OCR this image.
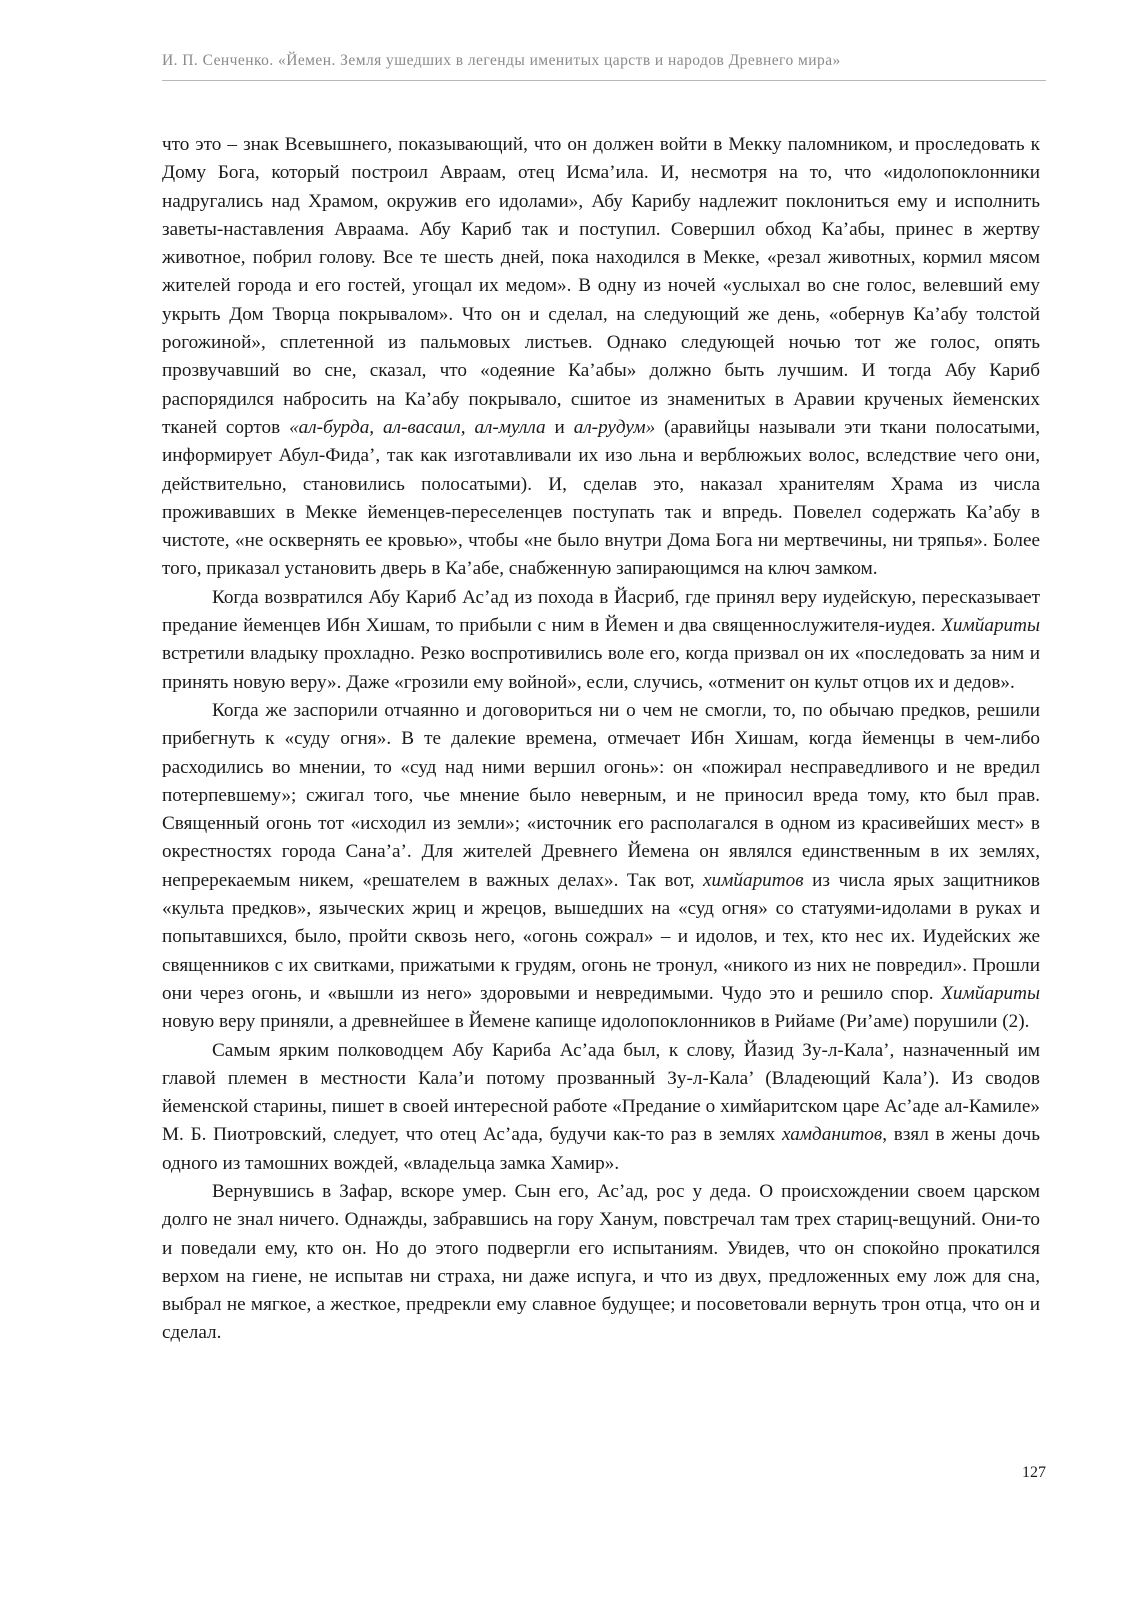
И. П. Сенченко. «Йемен. Земля ушедших в легенды именитых царств и народов Древнего мира»

что это – знак Всевышнего, показывающий, что он должен войти в Мекку паломником, и проследовать к Дому Бога, который построил Авраам, отец Исма’ила. И, несмотря на то, что «идолопоклонники надругались над Храмом, окружив его идолами», Абу Карибу надлежит поклониться ему и исполнить заветы-наставления Авраама. Абу Кариб так и поступил. Совершил обход Ка’абы, принес в жертву животное, побрил голову. Все те шесть дней, пока находился в Мекке, «резал животных, кормил мясом жителей города и его гостей, угощал их медом». В одну из ночей «услыхал во сне голос, велевший ему укрыть Дом Творца покрывалом». Что он и сделал, на следующий же день, «обернув Ка’абу толстой рогожиной», сплетенной из пальмовых листьев. Однако следующей ночью тот же голос, опять прозвучавший во сне, сказал, что «одеяние Ка’абы» должно быть лучшим. И тогда Абу Кариб распорядился набросить на Ка’абу покрывало, сшитое из знаменитых в Аравии крученых йеменских тканей сортов «ал-бурда, ал-васаил, ал-мулла и ал-рудум» (аравийцы называли эти ткани полосатыми, информирует Абул-Фида’, так как изготавливали их изо льна и верблюжьих волос, вследствие чего они, действительно, становились полосатыми). И, сделав это, наказал хранителям Храма из числа проживавших в Мекке йеменцев-переселенцев поступать так и впредь. Повелел содержать Ка’абу в чистоте, «не осквернять ее кровью», чтобы «не было внутри Дома Бога ни мертвечины, ни тряпья». Более того, приказал установить дверь в Ка’абе, снабженную запирающимся на ключ замком.

Когда возвратился Абу Кариб Ас’ад из похода в Йасриб, где принял веру иудейскую, пересказывает предание йеменцев Ибн Хишам, то прибыли с ним в Йемен и два священнослужителя-иудея. Химйариты встретили владыку прохладно. Резко воспротивились воле его, когда призвал он их «последовать за ним и принять новую веру». Даже «грозили ему войной», если, случись, «отменит он культ отцов их и дедов».

Когда же заспорили отчаянно и договориться ни о чем не смогли, то, по обычаю предков, решили прибегнуть к «суду огня». В те далекие времена, отмечает Ибн Хишам, когда йеменцы в чем-либо расходились во мнении, то «суд над ними вершил огонь»: он «пожирал несправедливого и не вредил потерпевшему»; сжигал того, чье мнение было неверным, и не приносил вреда тому, кто был прав. Священный огонь тот «исходил из земли»; «источник его располагался в одном из красивейших мест» в окрестностях города Сана’а’. Для жителей Древнего Йемена он являлся единственным в их землях, непререкаемым никем, «решателем в важных делах». Так вот, химйаритов из числа ярых защитников «культа предков», языческих жриц и жрецов, вышедших на «суд огня» со статуями-идолами в руках и попытавшихся, было, пройти сквозь него, «огонь сожрал» – и идолов, и тех, кто нес их. Иудейских же священников с их свитками, прижатыми к грудям, огонь не тронул, «никого из них не повредил». Прошли они через огонь, и «вышли из него» здоровыми и невредимыми. Чудо это и решило спор. Химйариты новую веру приняли, а древнейшее в Йемене капище идолопоклонников в Рийаме (Ри’аме) порушили (2).

Самым ярким полководцем Абу Кариба Ас’ада был, к слову, Йазид Зу-л-Кала’, назначенный им главой племен в местности Кала’и потому прозванный Зу-л-Кала’ (Владеющий Кала’). Из сводов йеменской старины, пишет в своей интересной работе «Предание о химйаритском царе Ас’аде ал-Камиле» М. Б. Пиотровский, следует, что отец Ас’ада, будучи как-то раз в землях хамданитов, взял в жены дочь одного из тамошних вождей, «владельца замка Хамир».

Вернувшись в Зафар, вскоре умер. Сын его, Ас’ад, рос у деда. О происхождении своем царском долго не знал ничего. Однажды, забравшись на гору Ханум, повстречал там трех стариц-вещуний. Они-то и поведали ему, кто он. Но до этого подвергли его испытаниям. Увидев, что он спокойно прокатился верхом на гиене, не испытав ни страха, ни даже испуга, и что из двух, предложенных ему лож для сна, выбрал не мягкое, а жесткое, предрекли ему славное будущее; и посоветовали вернуть трон отца, что он и сделал.

127
